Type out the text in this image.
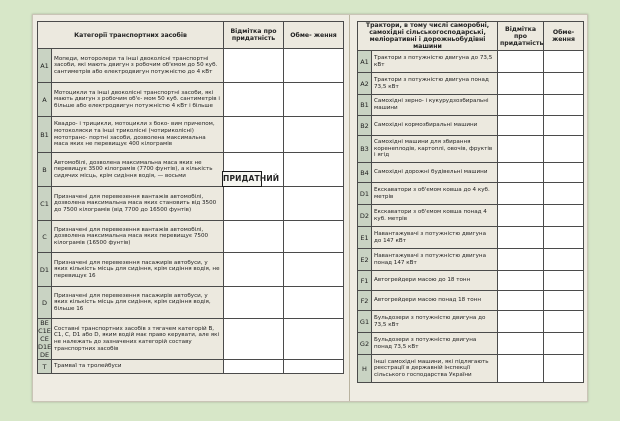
Категорії транспортних засобів		Відмітка про придатність	Обме- ження
A1	Мопеди, моторолери та інші двоколісні транспортні засоби, які мають двигун з робочим об'ємом до 50 куб. сантиметрів або електродвигун потужністю до 4 кВт		
A	Мотоцикли та інші двоколісні транспортні засоби, які мають двигун з робочим об'є- мом 50 куб. сантиметрів і більше або електродвигун потужністю 4 кВт і більше		
B1	Квадро- і трицикли, мотоцикли з боко- вим причепом, мотоколяски та інші триколісні (чотириколісні) мототранс- портні засоби, дозволена максимальна маса яких не перевищує 400 кілограмів		
B	Автомобілі, дозволена максимальна маса яких не перевищує 3500 кілограмів (7700 фунтів), а кількість сидячих місць, крім сидіння водія, — восьми		
C1	Призначені для перевезення вантажів автомобілі, дозволена максимальна маса яких становить від 3500 до 7500 кілограмів (від 7700 до 16500 фунтів)		
C	Призначені для перевезення вантажів автомобілі, дозволена максимальна маса яких перевищує 7500 кілограмів (16500 фунтів)		
D1	Призначені для перевезення пасажирів автобуси, у яких кількість місць для сидіння, крім сидіння водія, не перевищує 16		
D	Призначені для перевезення пасажирів автобуси, у яких кількість місць для сидіння, крім сидіння водія, більше 16		
BE C1E CE D1E DE	Составні транспортних засобів з тягачем категорій B, C1, C, D1 або D, яким водій має право керувати, але які не належать до зазначених категорій составу транспортних засобів		
T	Трамваї та тролейбуси		
ПРИДАТНИЙ
Трактори, в тому числі саморобні, самохідні сільськогосподарські, меліоративні і дорожньобудівні машини		Відмітка про придатність	Обме- ження
A1	Трактори з потужністю двигуна до 73,5 кВт		
A2	Трактори з потужністю двигуна понад 73,5 кВт		
B1	Самохідні зерно- і кукурудзозбиральні машини		
B2	Самохідні кормозбиральні машини		
B3	Самохідні машини для збирання коренеплодів, картоплі, овочів, фруктів і ягід		
B4	Самохідні дорожні будівельні машини		
D1	Екскаватори з об'ємом ковша до 4 куб. метрів		
D2	Екскаватори з об'ємом ковша понад 4 куб. метрів		
E1	Навантажувачі з потужністю двигуна до 147 кВт		
E2	Навантажувачі з потужністю двигуна понад 147 кВт		
F1	Автогрейдери масою до 18 тонн		
F2	Автогрейдери масою понад 18 тонн		
G1	Бульдозери з потужністю двигуна до 73,5 кВт		
G2	Бульдозери з потужністю двигуна понад 73,5 кВт		
H	Інші самохідні машини, які підлягають реєстрації в державній інспекції сільського господарства України		
